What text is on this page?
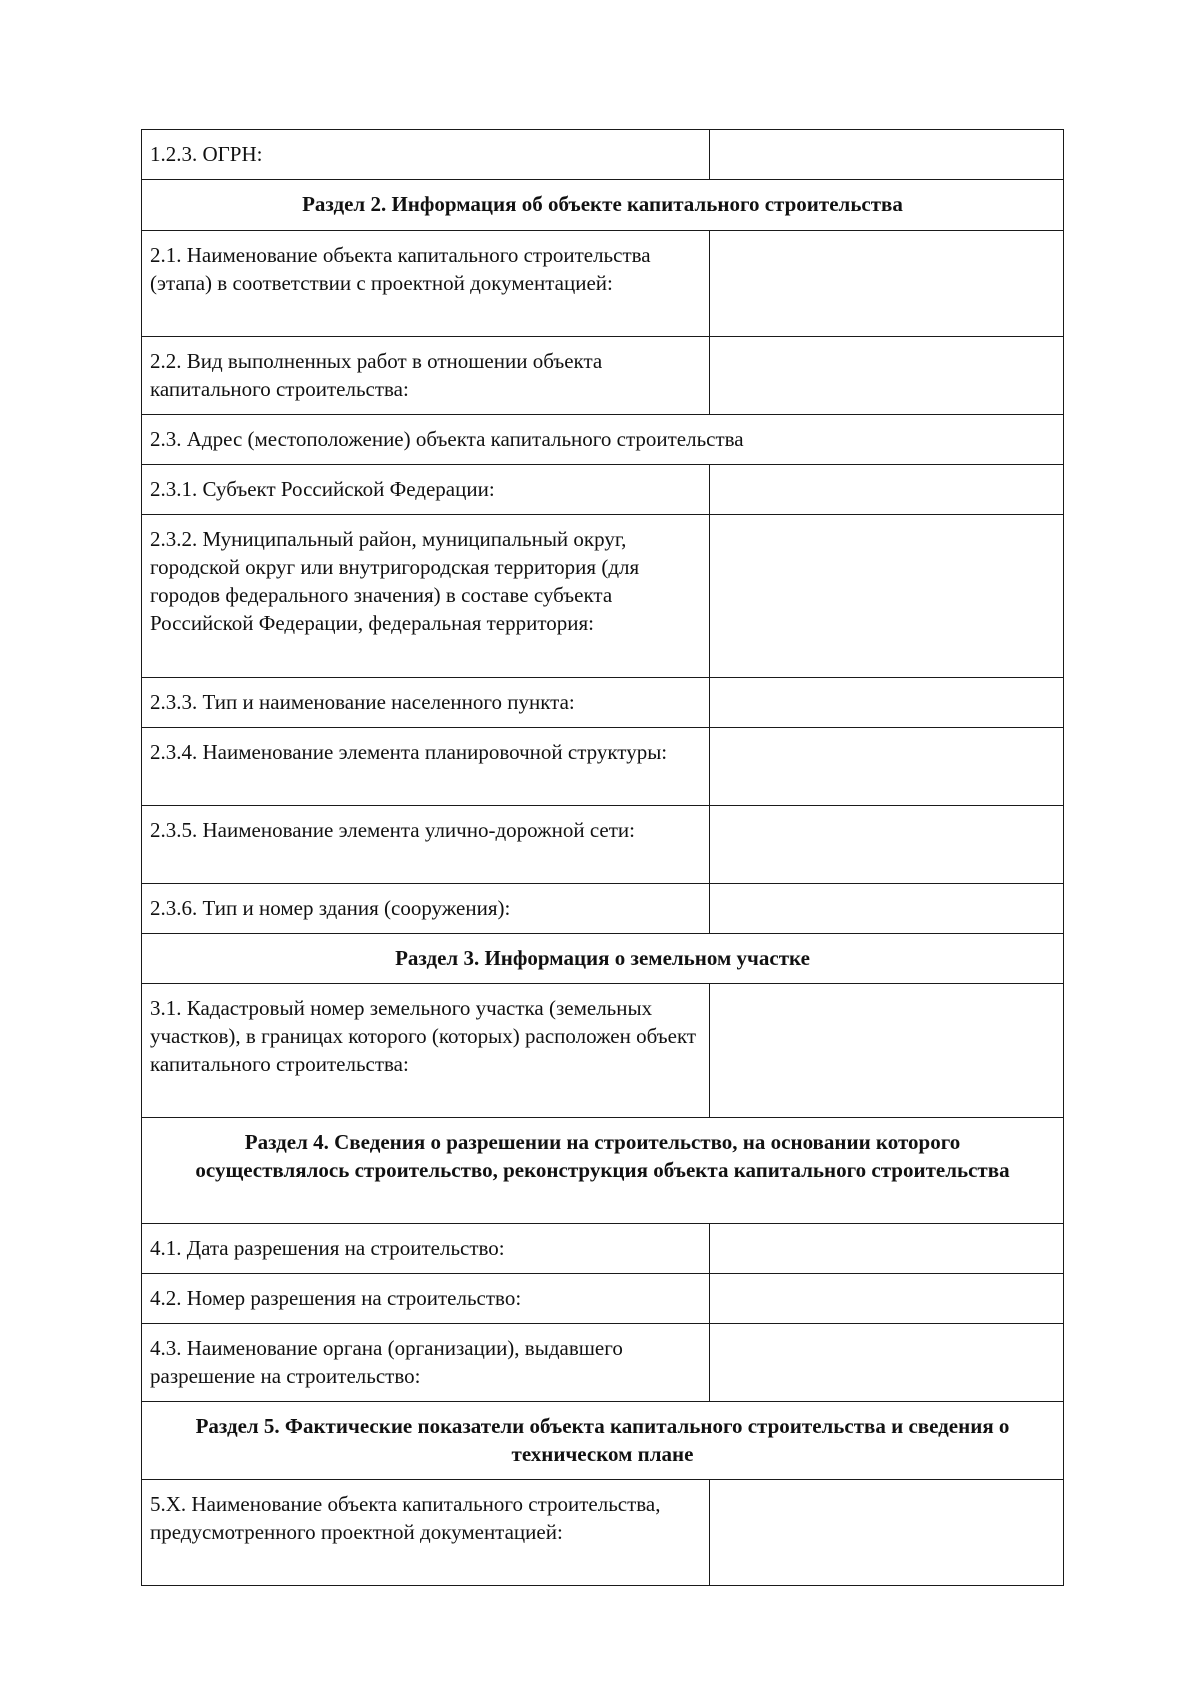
1.2.3. ОГРН:	
Раздел 2. Информация об объекте капитального строительства	
2.1. Наименование объекта капитального строительства (этапа) в соответствии с проектной документацией:	
2.2. Вид выполненных работ в отношении объекта капитального строительства:	
2.3. Адрес (местоположение) объекта капитального строительства	
2.3.1. Субъект Российской Федерации:	
2.3.2. Муниципальный район, муниципальный округ, городской округ или внутригородская территория (для городов федерального значения) в составе субъекта Российской Федерации, федеральная территория:	
2.3.3. Тип и наименование населенного пункта:	
2.3.4. Наименование элемента планировочной структуры:	
2.3.5. Наименование элемента улично-дорожной сети:	
2.3.6. Тип и номер здания (сооружения):	
Раздел 3. Информация о земельном участке	
3.1. Кадастровый номер земельного участка (земельных участков), в границах которого (которых) расположен объект капитального строительства:	
Раздел 4. Сведения о разрешении на строительство, на основании которого осуществлялось строительство, реконструкция объекта капитального строительства	
4.1. Дата разрешения на строительство:	
4.2. Номер разрешения на строительство:	
4.3. Наименование органа (организации), выдавшего разрешение на строительство:	
Раздел 5. Фактические показатели объекта капитального строительства и сведения о техническом плане	
5.X. Наименование объекта капитального строительства, предусмотренного проектной документацией:	
